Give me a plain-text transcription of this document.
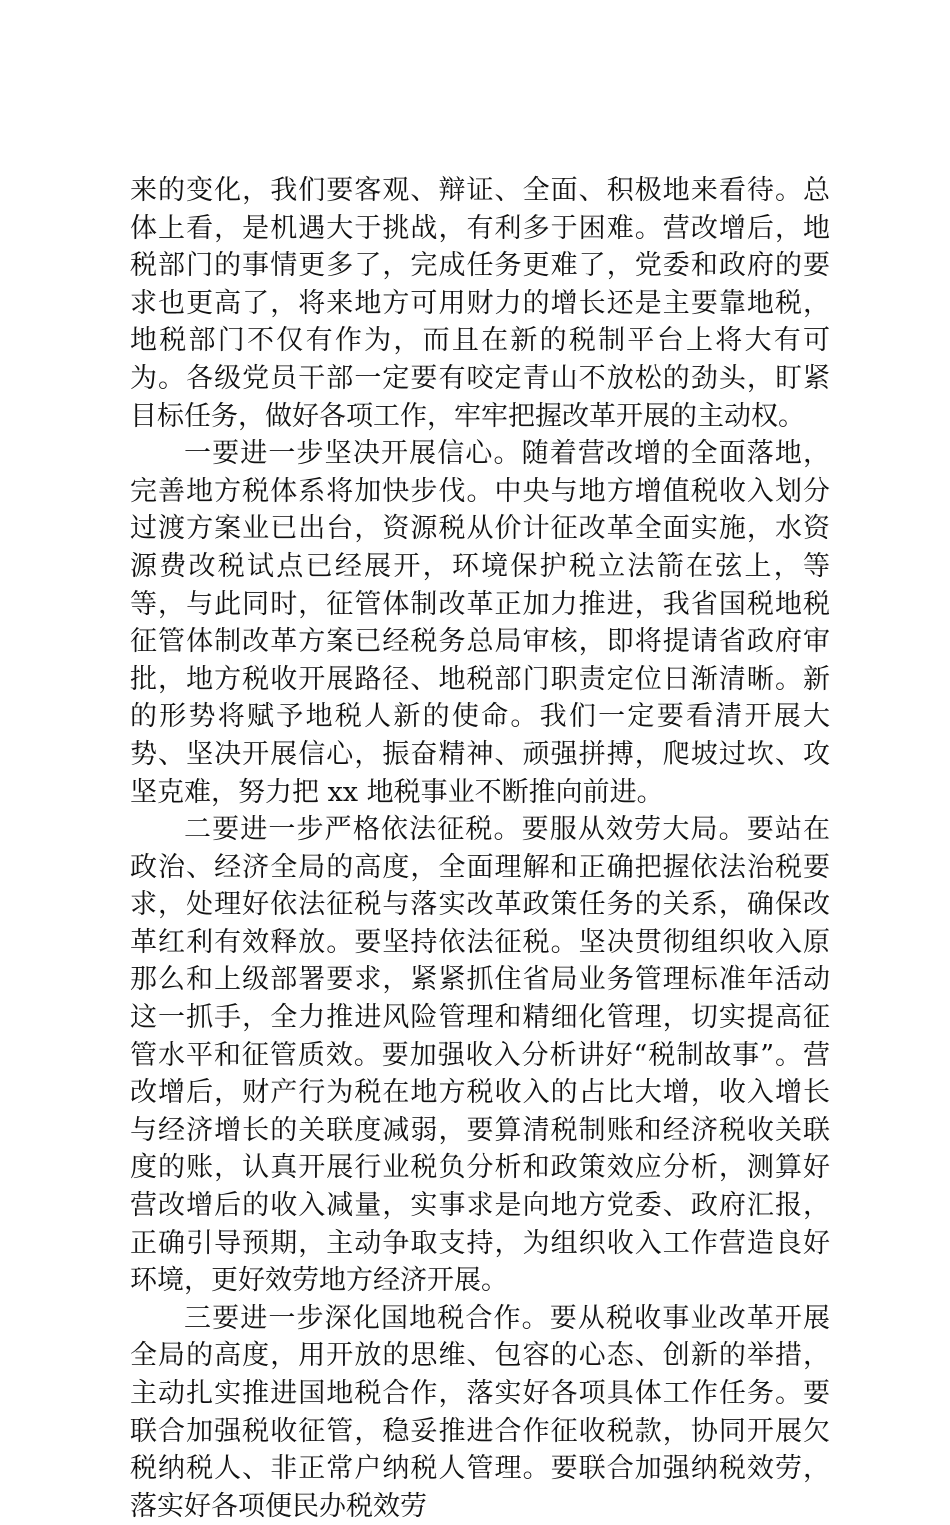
来的变化，我们要客观、辩证、全面、积极地来看待。总体上看，是机遇大于挑战，有利多于困难。营改增后，地税部门的事情更多了，完成任务更难了，党委和政府的要求也更高了，将来地方可用财力的增长还是主要靠地税，地税部门不仅有作为，而且在新的税制平台上将大有可为。各级党员干部一定要有咬定青山不放松的劲头，盯紧目标任务，做好各项工作，牢牢把握改革开展的主动权。

一要进一步坚决开展信心。随着营改增的全面落地，完善地方税体系将加快步伐。中央与地方增值税收入划分过渡方案业已出台，资源税从价计征改革全面实施，水资源费改税试点已经展开，环境保护税立法箭在弦上，等等，与此同时，征管体制改革正加力推进，我省国税地税征管体制改革方案已经税务总局审核，即将提请省政府审批，地方税收开展路径、地税部门职责定位日渐清晰。新的形势将赋予地税人新的使命。我们一定要看清开展大势、坚决开展信心，振奋精神、顽强拼搏，爬坡过坎、攻坚克难，努力把 xx 地税事业不断推向前进。

二要进一步严格依法征税。要服从效劳大局。要站在政治、经济全局的高度，全面理解和正确把握依法治税要求，处理好依法征税与落实改革政策任务的关系，确保改革红利有效释放。要坚持依法征税。坚决贯彻组织收入原那么和上级部署要求，紧紧抓住省局业务管理标准年活动这一抓手，全力推进风险管理和精细化管理，切实提高征管水平和征管质效。要加强收入分析讲好“税制故事”。营改增后，财产行为税在地方税收入的占比大增，收入增长与经济增长的关联度减弱，要算清税制账和经济税收关联度的账，认真开展行业税负分析和政策效应分析，测算好营改增后的收入减量，实事求是向地方党委、政府汇报，正确引导预期，主动争取支持，为组织收入工作营造良好环境，更好效劳地方经济开展。

三要进一步深化国地税合作。要从税收事业改革开展全局的高度，用开放的思维、包容的心态、创新的举措，主动扎实推进国地税合作，落实好各项具体工作任务。要联合加强税收征管，稳妥推进合作征收税款，协同开展欠税纳税人、非正常户纳税人管理。要联合加强纳税效劳，落实好各项便民办税效劳
